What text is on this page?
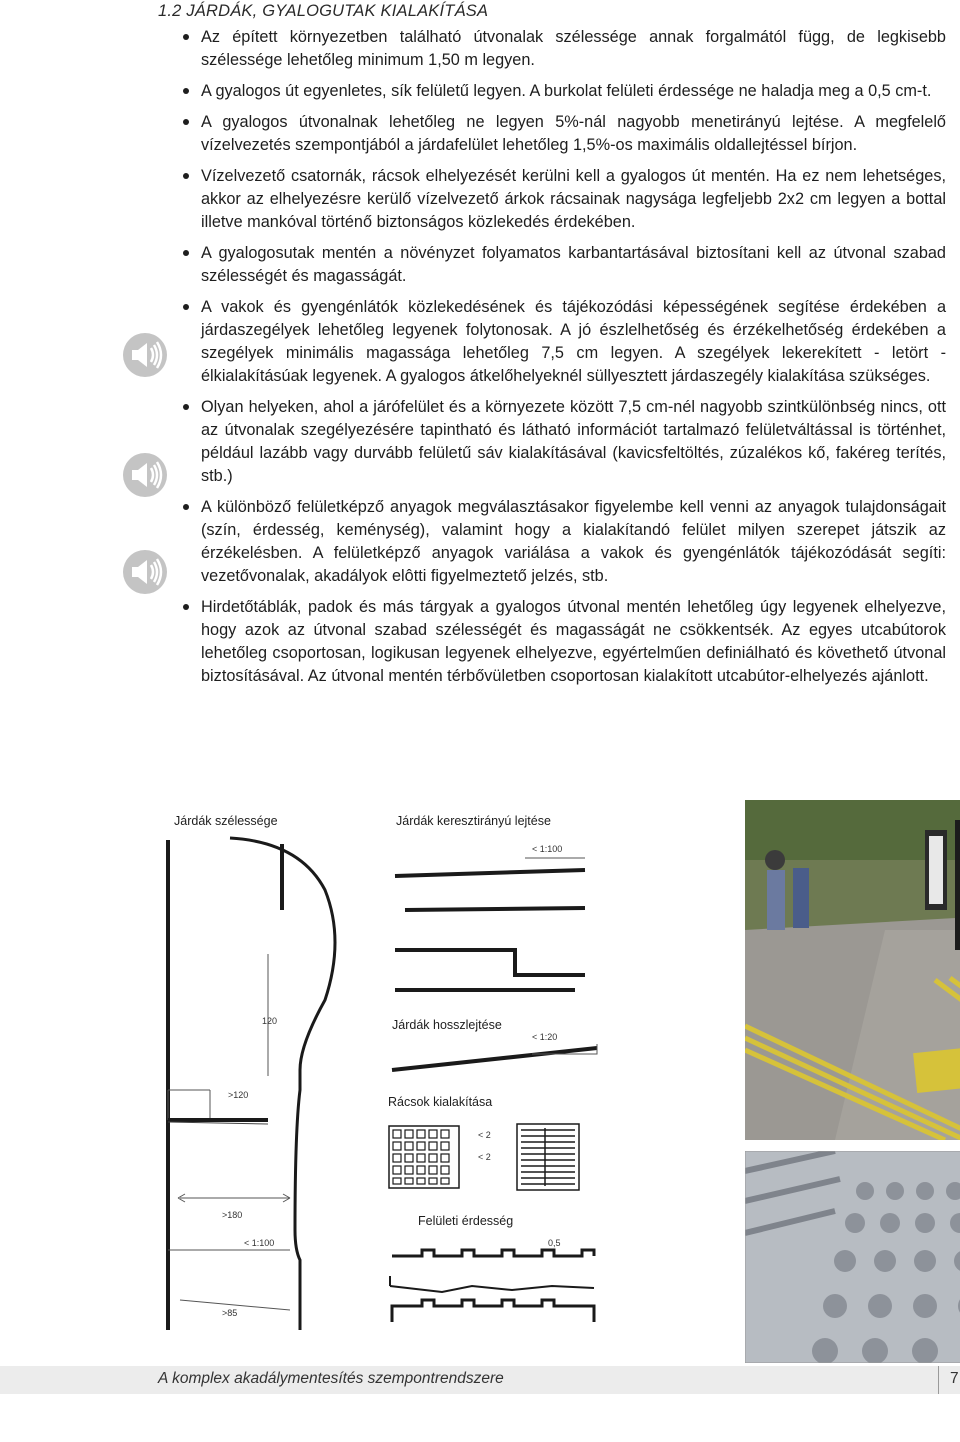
1.2 JÁRDÁK, GYALOGUTAK KIALAKÍTÁSA
Az épített környezetben található útvonalak szélessége annak forgalmától függ, de legkisebb szélessége lehetőleg minimum 1,50 m legyen.
A gyalogos út egyenletes, sík felületű legyen. A burkolat felületi érdessége ne haladja meg a 0,5 cm-t.
A gyalogos útvonalnak lehetőleg ne legyen 5%-nál nagyobb menetirányú lejtése. A megfelelő vízelvezetés szempontjából a járdafelület lehetőleg 1,5%-os maximális oldallejtéssel bírjon.
Vízelvezető csatornák, rácsok elhelyezését kerülni kell a gyalogos út mentén. Ha ez nem lehetséges, akkor az elhelyezésre kerülő vízelvezető árkok rácsainak nagysága legfeljebb 2x2 cm legyen a bottal illetve mankóval történő biztonságos közlekedés érdekében.
A gyalogosutak mentén a növényzet folyamatos karbantartásával biztosítani kell az útvonal szabad szélességét és magasságát.
A vakok és gyengénlátók közlekedésének és tájékozódási képességének segítése érdekében a járdaszegélyek lehetőleg legyenek folytonosak. A jó észlelhetőség és érzékelhetőség érdekében a szegélyek minimális magassága lehetőleg 7,5 cm legyen. A szegélyek lekerekített - letört - élkialakításúak legyenek. A gyalogos átkelőhelyeknél süllyesztett járdaszegély kialakítása szükséges.
Olyan helyeken, ahol a járófelület és a környezete között 7,5 cm-nél nagyobb szintkülönbség nincs, ott az útvonalak szegélyezésére tapintható és látható információt tartalmazó felületváltással is történhet, például lazább vagy durvább felületű sáv kialakításával (kavicsfeltöltés, zúzalékos kő, fakéreg terítés, stb.)
A különböző felületképző anyagok megválasztásakor figyelembe kell venni az anyagok tulajdonságait (szín, érdesség, keménység), valamint hogy a kialakítandó felület milyen szerepet játszik az érzékelésben. A felületképző anyagok variálása a vakok és gyengénlátók tájékozódását segíti: vezetővonalak, akadályok elôtti figyelmeztető jelzés, stb.
Hirdetőtáblák, padok és más tárgyak a gyalogos útvonal mentén lehetőleg úgy legyenek elhelyezve, hogy azok az útvonal szabad szélességét és magasságát ne csökkentsék. Az egyes utcabútorok lehetőleg csoportosan, logikusan legyenek elhelyezve, egyértelműen definiálható és követhető útvonal biztosításával. Az útvonal mentén térbővületben csoportosan kialakított utcabútor-elhelyezés ajánlott.
Járdák szélessége
120
>120
>180
< 1:100
>85
Járdák keresztirányú lejtése
< 1:100
Járdák hosszlejtése
< 1:20
Rácsok kialakítása
< 2
< 2
Felületi érdesség
0,5
A komplex akadálymentesítés szempontrendszere	7
